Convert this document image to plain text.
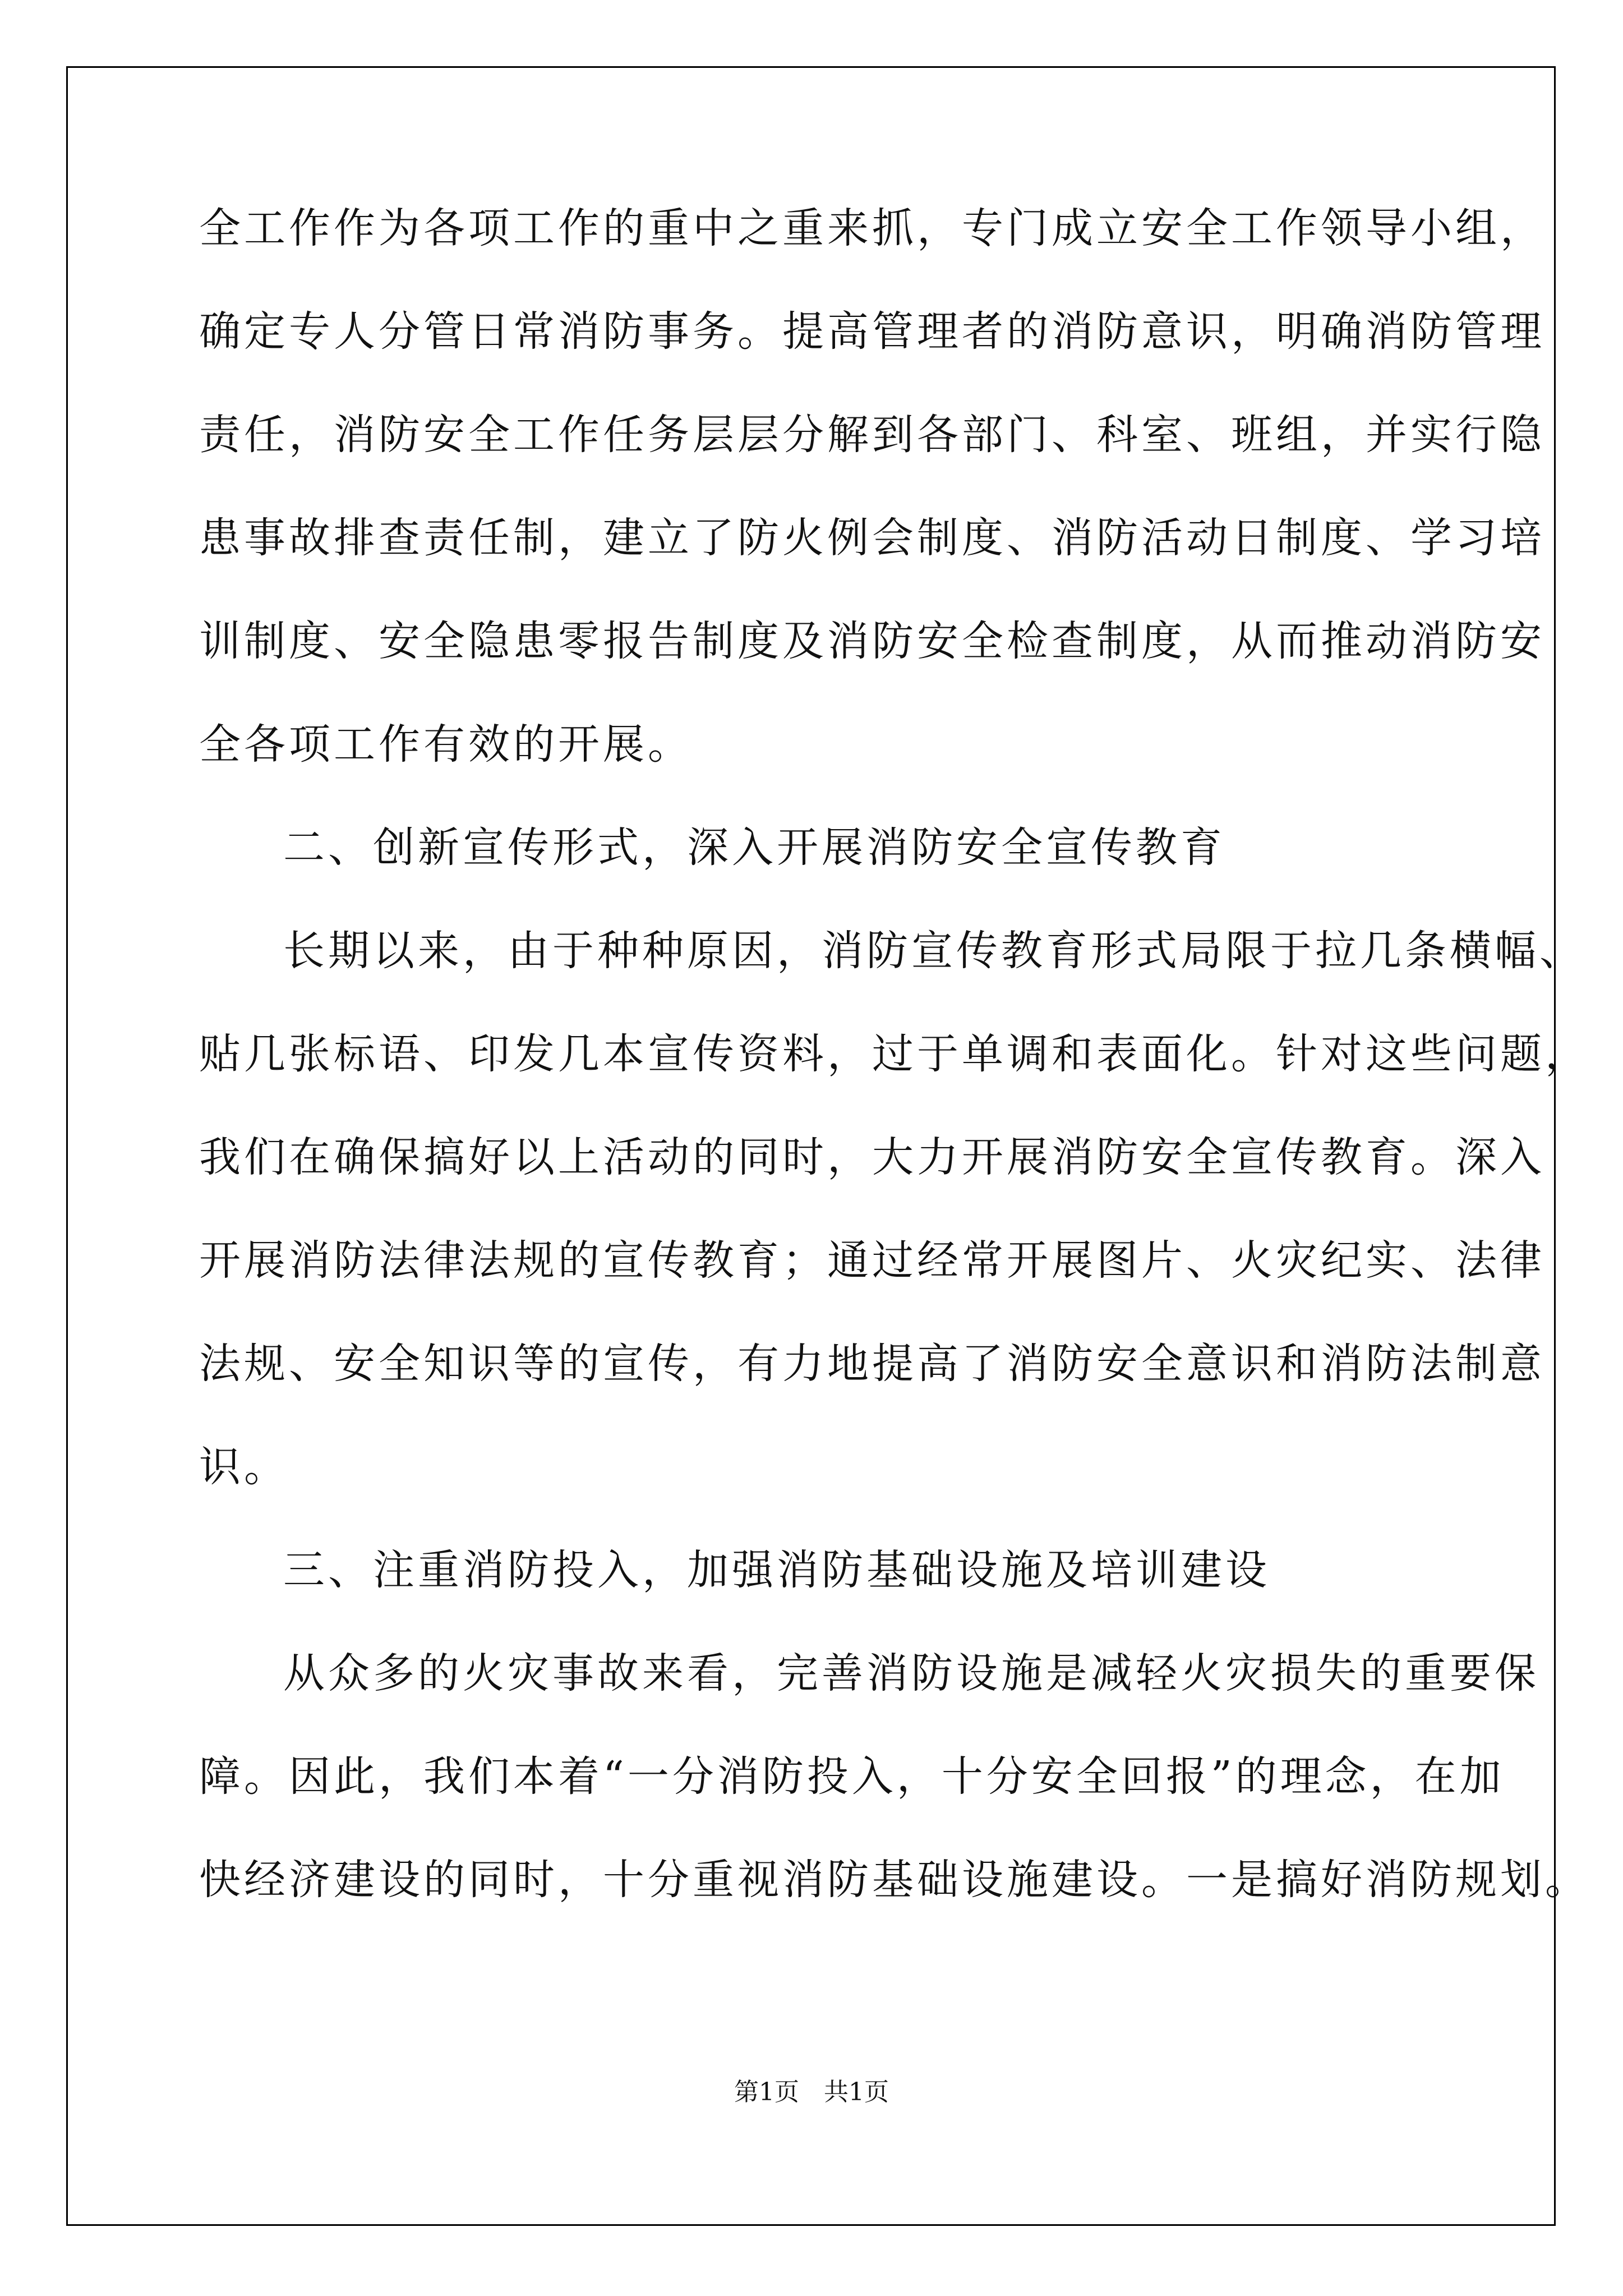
全工作作为各项工作的重中之重来抓，专门成立安全工作领导小组，
确定专人分管日常消防事务。提高管理者的消防意识，明确消防管理
责任，消防安全工作任务层层分解到各部门、科室、班组，并实行隐
患事故排查责任制，建立了防火例会制度、消防活动日制度、学习培
训制度、安全隐患零报告制度及消防安全检查制度，从而推动消防安
全各项工作有效的开展。
二、创新宣传形式，深入开展消防安全宣传教育
长期以来，由于种种原因，消防宣传教育形式局限于拉几条横幅、
贴几张标语、印发几本宣传资料，过于单调和表面化。针对这些问题，
我们在确保搞好以上活动的同时，大力开展消防安全宣传教育。深入
开展消防法律法规的宣传教育；通过经常开展图片、火灾纪实、法律
法规、安全知识等的宣传，有力地提高了消防安全意识和消防法制意
识。
三、注重消防投入，加强消防基础设施及培训建设
从众多的火灾事故来看，完善消防设施是减轻火灾损失的重要保
障。因此，我们本着“一分消防投入，十分安全回报”的理念，在加
快经济建设的同时，十分重视消防基础设施建设。一是搞好消防规划。
第1页　共1页
